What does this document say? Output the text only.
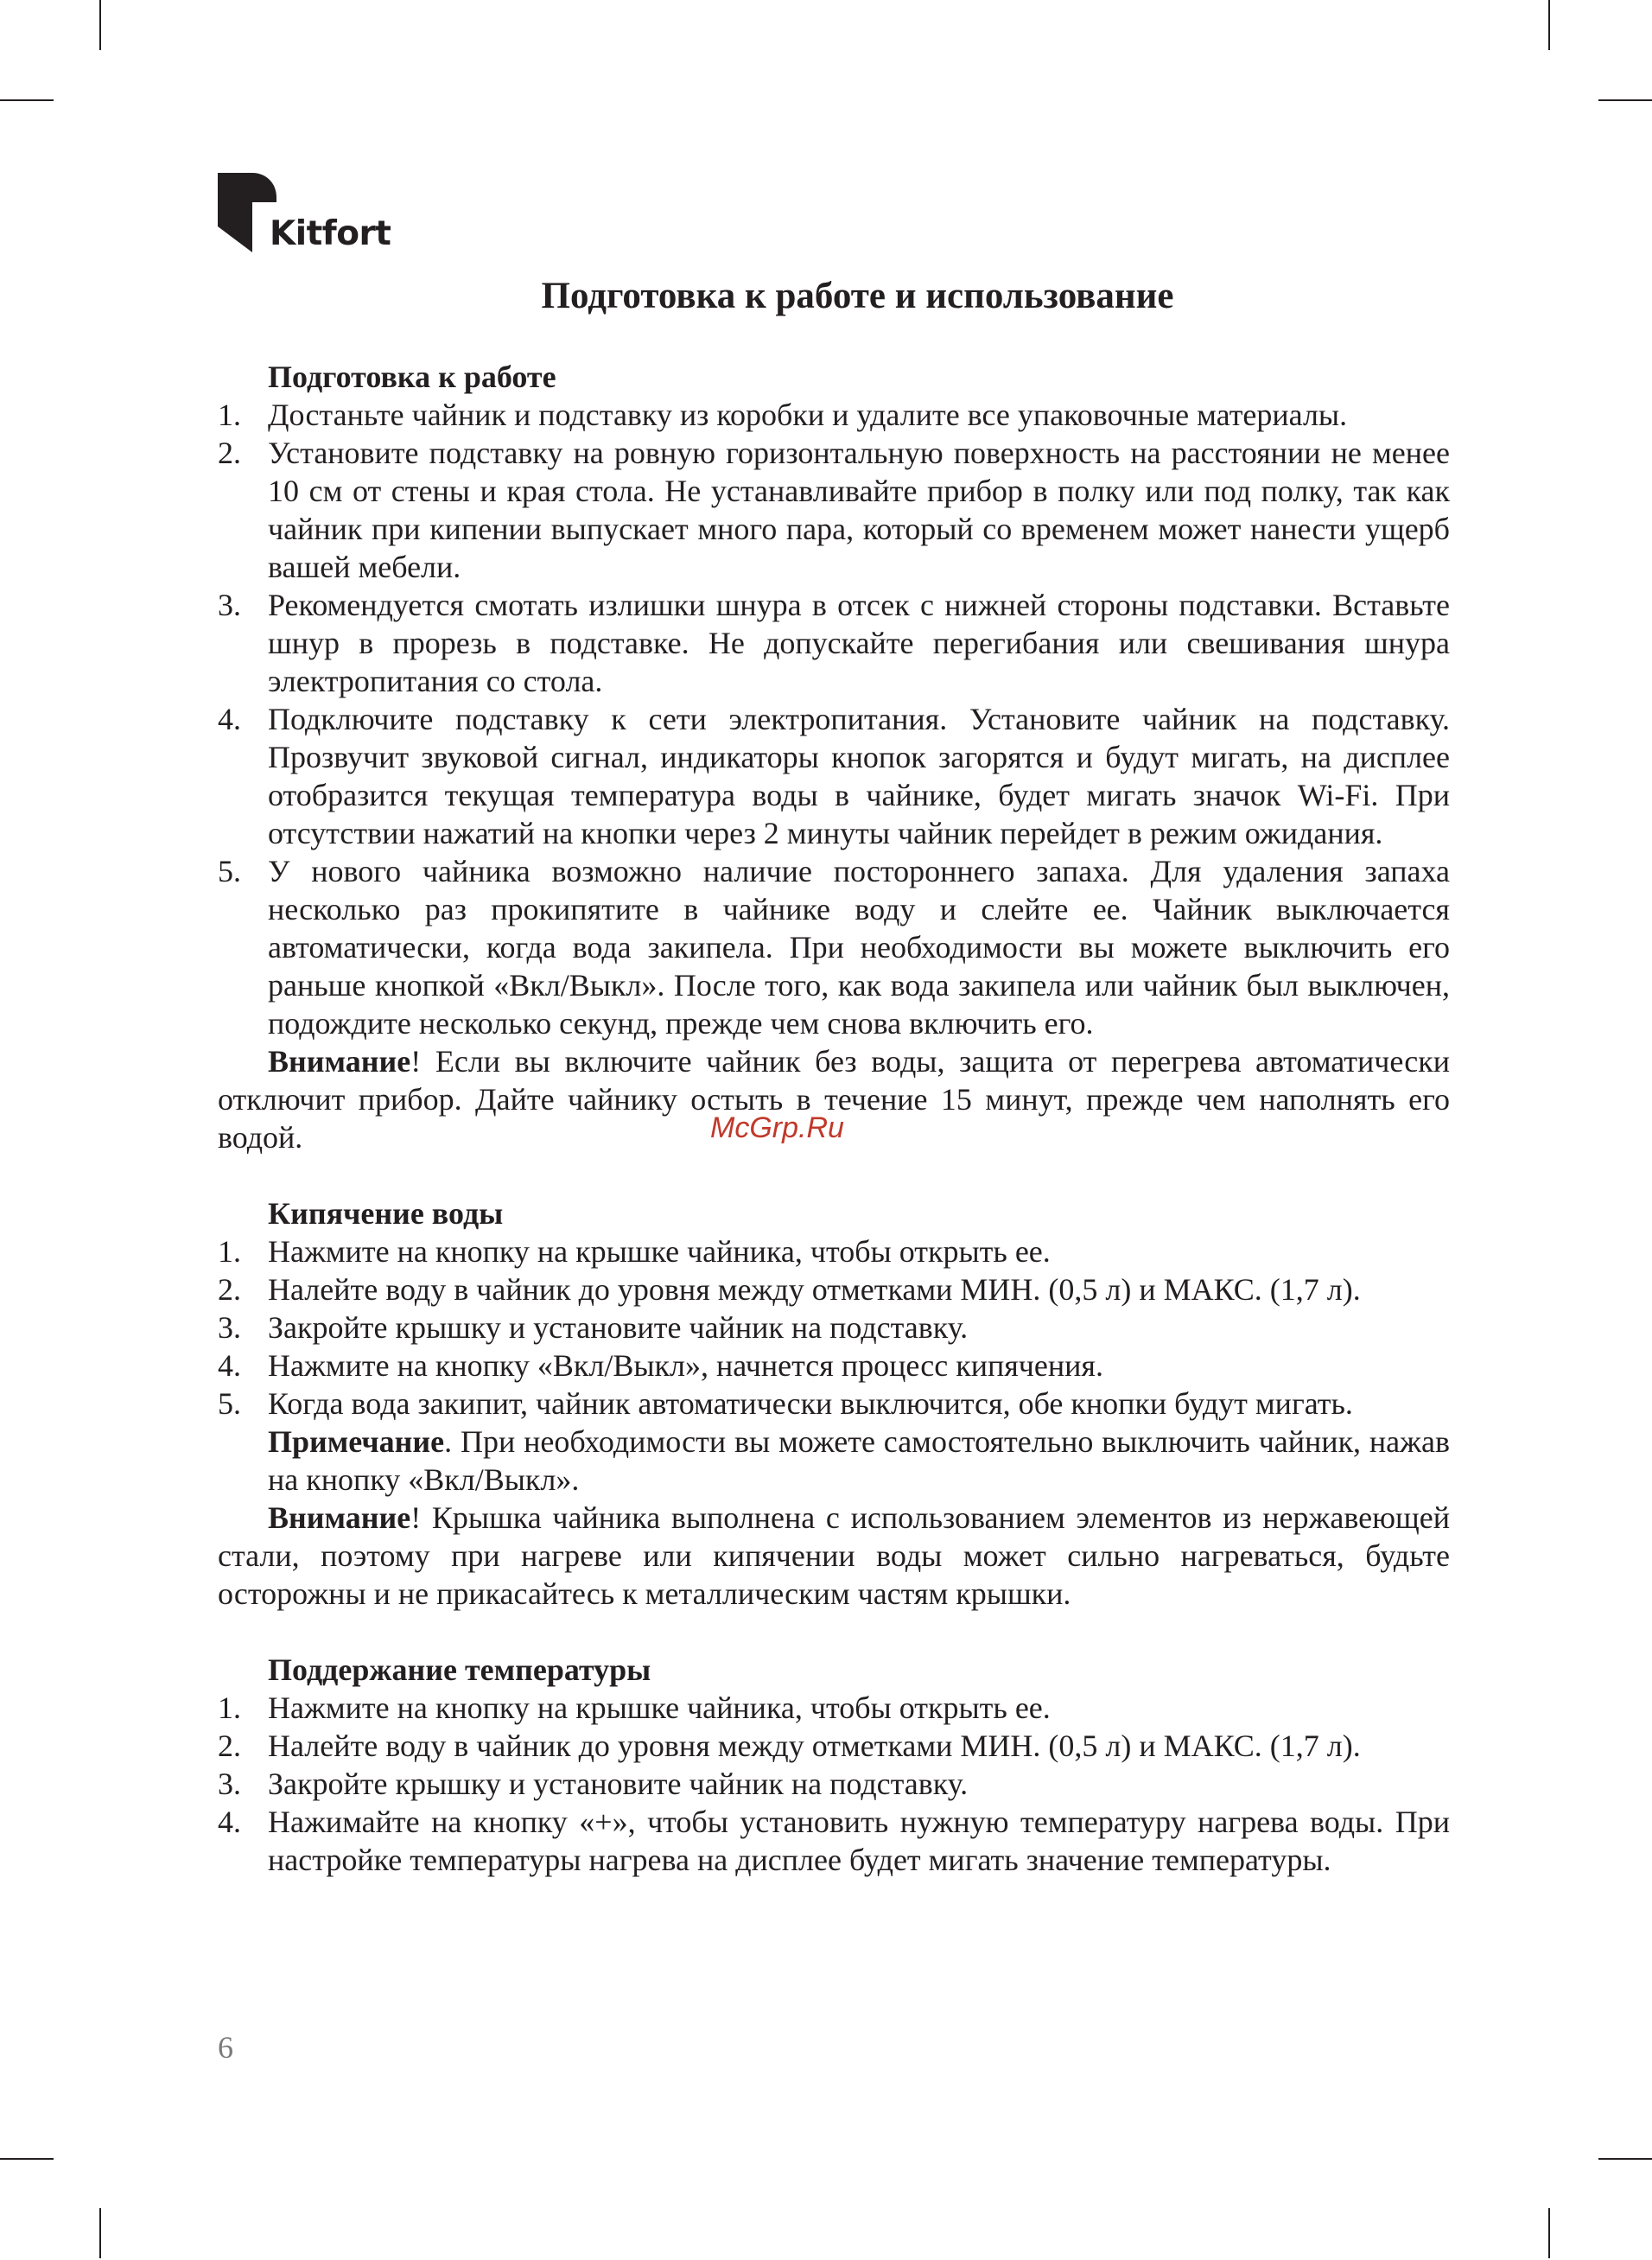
Kitfort
Подготовка к работе и использование

Подготовка к работе

1. Достаньте чайник и подставку из коробки и удалите все упаковочные материалы.
2. Установите подставку на ровную горизонтальную поверхность на расстоянии не менее 10 см от стены и края стола. Не устанавливайте прибор в полку или под полку, так как чайник при кипении выпускает много пара, который со временем может нанести ущерб вашей мебели.
3. Рекомендуется смотать излишки шнура в отсек с нижней стороны подставки. Вставьте шнур в прорезь в подставке. Не допускайте перегибания или свешивания шнура электропитания со стола.
4. Подключите подставку к сети электропитания. Установите чайник на подставку. Прозвучит звуковой сигнал, индикаторы кнопок загорятся и будут мигать, на дисплее отобразится текущая температура воды в чайнике, будет мигать значок Wi-Fi. При отсутствии нажатий на кнопки через 2 минуты чайник перейдет в режим ожидания.
5. У нового чайника возможно наличие постороннего запаха. Для удаления запаха несколько раз прокипятите в чайнике воду и слейте ее. Чайник выключается автоматически, когда вода закипела. При необходимости вы можете выключить его раньше кнопкой «Вкл/Выкл». После того, как вода закипела или чайник был выключен, подождите несколько секунд, прежде чем снова включить его.

Внимание! Если вы включите чайник без воды, защита от перегрева автоматически отключит прибор. Дайте чайнику остыть в течение 15 минут, прежде чем наполнять его водой.

Кипячение воды

1. Нажмите на кнопку на крышке чайника, чтобы открыть ее.
2. Налейте воду в чайник до уровня между отметками МИН. (0,5 л) и МАКС. (1,7 л).
3. Закройте крышку и установите чайник на подставку.
4. Нажмите на кнопку «Вкл/Выкл», начнется процесс кипячения.
5. Когда вода закипит, чайник автоматически выключится, обе кнопки будут мигать.

Примечание. При необходимости вы можете самостоятельно выключить чайник, нажав на кнопку «Вкл/Выкл».

Внимание! Крышка чайника выполнена с использованием элементов из нержавеющей стали, поэтому при нагреве или кипячении воды может сильно нагреваться, будьте осторожны и не прикасайтесь к металлическим частям крышки.

Поддержание температуры

1. Нажмите на кнопку на крышке чайника, чтобы открыть ее.
2. Налейте воду в чайник до уровня между отметками МИН. (0,5 л) и МАКС. (1,7 л).
3. Закройте крышку и установите чайник на подставку.
4. Нажимайте на кнопку «+», чтобы установить нужную температуру нагрева воды. При настройке температуры нагрева на дисплее будет мигать значение температуры.
McGrp.Ru
6
